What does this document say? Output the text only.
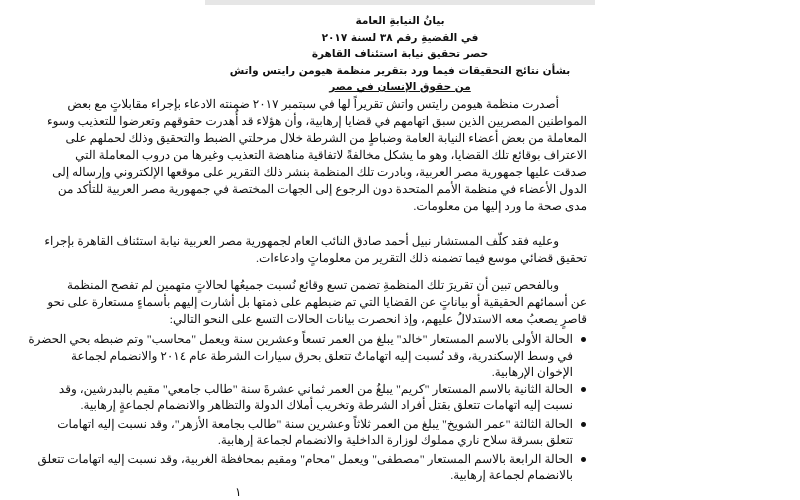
بيانُ النيابةِ العامة
في القضيةِ رقم ٣٨ لسنة ٢٠١٧
حصر تحقيق نيابة استئناف القاهرة
بشأن نتائج التحقيقات فيما ورد بتقرير منظمة هيومن رايتس واتش
من حقوق الإنسان في مصر
أصدرت منظمة هيومن رايتس واتش تقريراً لها في سبتمبر ٢٠١٧ ضمنته الادعاء بإجراء مقابلاتٍ مع بعض
المواطنين المصريين الذين سبق اتهامهم في قضايا إرهابية، وأن هؤلاء قد أُهدرت حقوقهم وتعرضوا للتعذيب وسوء
المعاملة من بعض أعضاء النيابة العامة وضباطٍ من الشرطة خلال مرحلتي الضبط والتحقيق وذلك لحملهم على
الاعتراف بوقائع تلك القضايا، وهو ما يشكل مخالفةً لاتفاقية مناهضة التعذيب وغيرها من دروب المعاملة التي
صدقت عليها جمهورية مصر العربية، وبادرت تلك المنظمة بنشر ذلك التقرير على موقعها الإلكتروني وإرساله إلى
الدول الأعضاء في منظمة الأمم المتحدة دون الرجوع إلى الجهات المختصة في جمهورية مصر العربية للتأكد من
مدى صحة ما ورد إليها من معلومات.
وعليه فقد كلّف المستشار نبيل أحمد صادق النائب العام لجمهورية مصر العربية نيابة استئناف القاهرة بإجراء
تحقيق قضائي موسع فيما تضمنه ذلك التقرير من معلوماتٍ وادعاءات.
وبالفحص تبين أن تقريرَ تلك المنظمةِ تضمن تسع وقائع نُسبت جميعُها لحالاتٍ متهمين لم تفصح المنظمة
عن أسمائهم الحقيقية أو بياناتٍ عن القضايا التي تم ضبطهم على ذمتها بل أشارت إليهم بأسماءٍ مستعارة على نحو
قاصرٍ يصعبُ معه الاستدلالُ عليهم، وإذ انحصرت بيانات الحالات التسع على النحو التالي:
الحالة الأولى بالاسم المستعار "خالد" يبلغ من العمر تسعاً وعشرين سنة ويعمل "محاسب" وتم ضبطه بحي الحضرة
في وسط الإسكندرية، وقد نُسبت إليه اتهاماتٌ تتعلق بحرق سيارات الشرطة عام ٢٠١٤ والانضمام لجماعة
الإخوان الإرهابية.
الحالة الثانية بالاسم المستعار "كريم" يبلغُ من العمر ثماني عشرةَ سنة "طالب جامعي" مقيم بالبدرشين، وقد
نسبت إليه اتهامات تتعلق بقتل أفراد الشرطة وتخريب أملاك الدولة والتظاهر والانضمام لجماعةٍ إرهابية.
الحالة الثالثة "عمر الشويخ" يبلغ من العمر ثلاثاً وعشرين سنة "طالب بجامعة الأزهر"، وقد نسبت إليه اتهامات
تتعلق بسرقة سلاح ناري مملوك لوزارة الداخلية والانضمام لجماعة إرهابية.
الحالة الرابعة بالاسم المستعار "مصطفى" ويعمل "محام" ومقيم بمحافظة الغربية، وقد نسبت إليه اتهامات تتعلق
بالانضمام لجماعة إرهابية.
١
